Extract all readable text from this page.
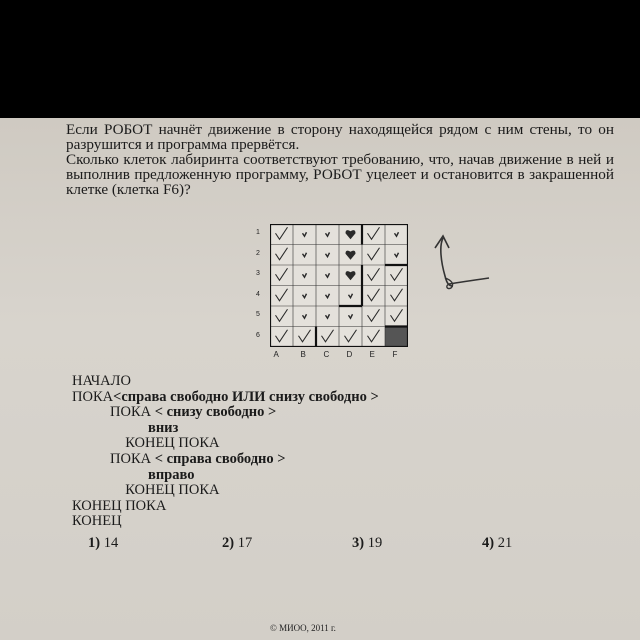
Если РОБОТ начнёт движение в сторону находящейся рядом с ним стены, то он разрушится и программа прервётся.

Сколько клеток лабиринта соответствуют требованию, что, начав движение в ней и выполнив предложенную программу, РОБОТ уцелеет и остановится в закрашенной клетке (клетка F6)?

1
2
3
4
5
6
A	B C D E F
НАЧАЛО
ПОКА<справа свободно ИЛИ снизу свободно >
ПОКА < снизу свободно >
вниз
КОНЕЦ ПОКА
ПОКА < справа свободно >
вправо
КОНЕЦ ПОКА
КОНЕЦ ПОКА
КОНЕЦ
1) 14	2) 17	3) 19	4) 21
© МИОО, 2011 г.
